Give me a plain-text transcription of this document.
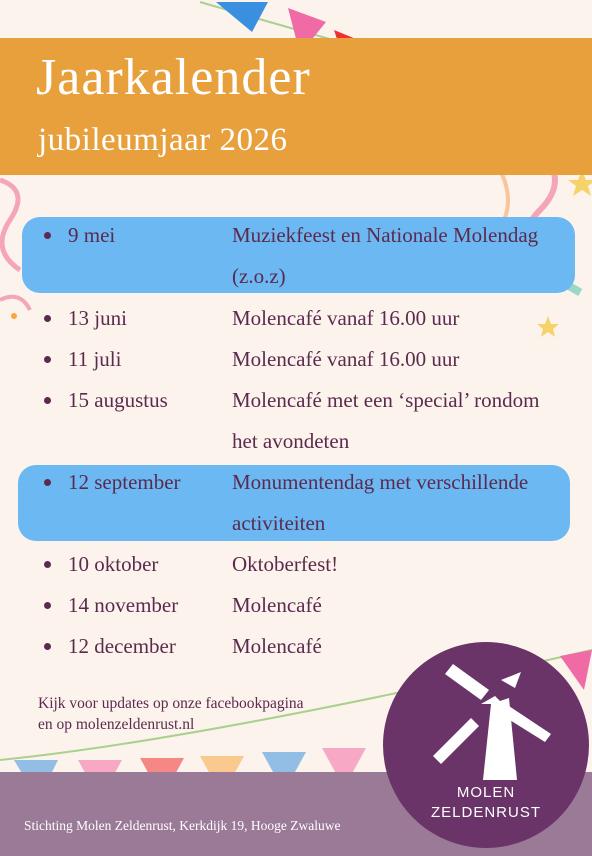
Jaarkalender
jubileumjaar 2026
9 mei	Muziekfeest en Nationale Molendag (z.o.z)
13 juni	Molencafé vanaf 16.00 uur
11 juli	Molencafé vanaf 16.00 uur
15 augustus	Molencafé met een ‘special’ rondom het avondeten
12 september Monumentendag met verschillende activiteiten
10 oktober	Oktoberfest!
14 november	Molencafé
12 december	Molencafé
Kijk voor updates op onze facebookpagina
en op molenzeldenrust.nl
Stichting Molen Zeldenrust, Kerkdijk 19, Hooge Zwaluwe
MOLEN
ZELDENRUST
